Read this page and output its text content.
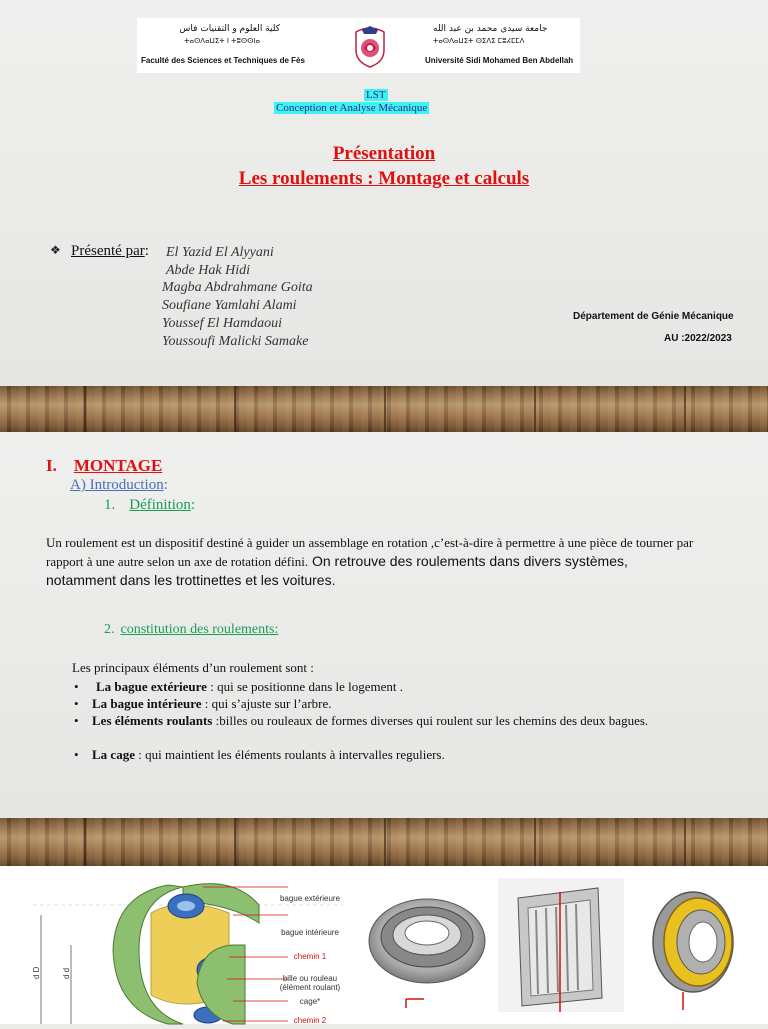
كلية العلوم و التقنيات فاس
ⵜⴰⵙⴷⴰⵡⵉⵜ ⵏ ⵜⵓⵙⵙⵏⴰ
Faculté des Sciences et Techniques de Fès
جامعة سيدي محمد بن عبد الله
ⵜⴰⵙⴷⴰⵡⵉⵜ ⵙⵉⴷⵉ ⵎⵓⵃⵎⵎⴷ
Université Sidi Mohamed Ben Abdellah
LST
Conception et Analyse Mécanique
Présentation
Les roulements : Montage et calculs
❖ Présenté par: El Yazid El Alyyani
Abde Hak Hidi
Magba Abdrahmane Goita
Soufiane Yamlahi Alami
Youssef El Hamdaoui
Youssoufi Malicki Samake
Département de Génie Mécanique
AU :2022/2023
I. MONTAGE
A) Introduction:
1. Définition:
Un roulement est un dispositif destiné à guider un assemblage en rotation ,c’est-à-dire à permettre à une pièce de tourner par rapport à une autre selon un axe de rotation défini. On retrouve des roulements dans divers systèmes, notamment dans les trottinettes et les voitures.
2. constitution des roulements:
Les principaux éléments d’un roulement sont :
• La bague extérieure : qui se positionne dans le logement .
• La bague intérieure : qui s’ajuste sur l’arbre.
• Les éléments roulants :billes ou rouleaux de formes diverses qui roulent sur les chemins des deux bagues.
• La cage : qui maintient les éléments roulants à intervalles reguliers.
d D	d d
bague extérieure
bague intérieure
chemin 1
bille ou rouleau
(élément roulant)
cage*
chemin 2
